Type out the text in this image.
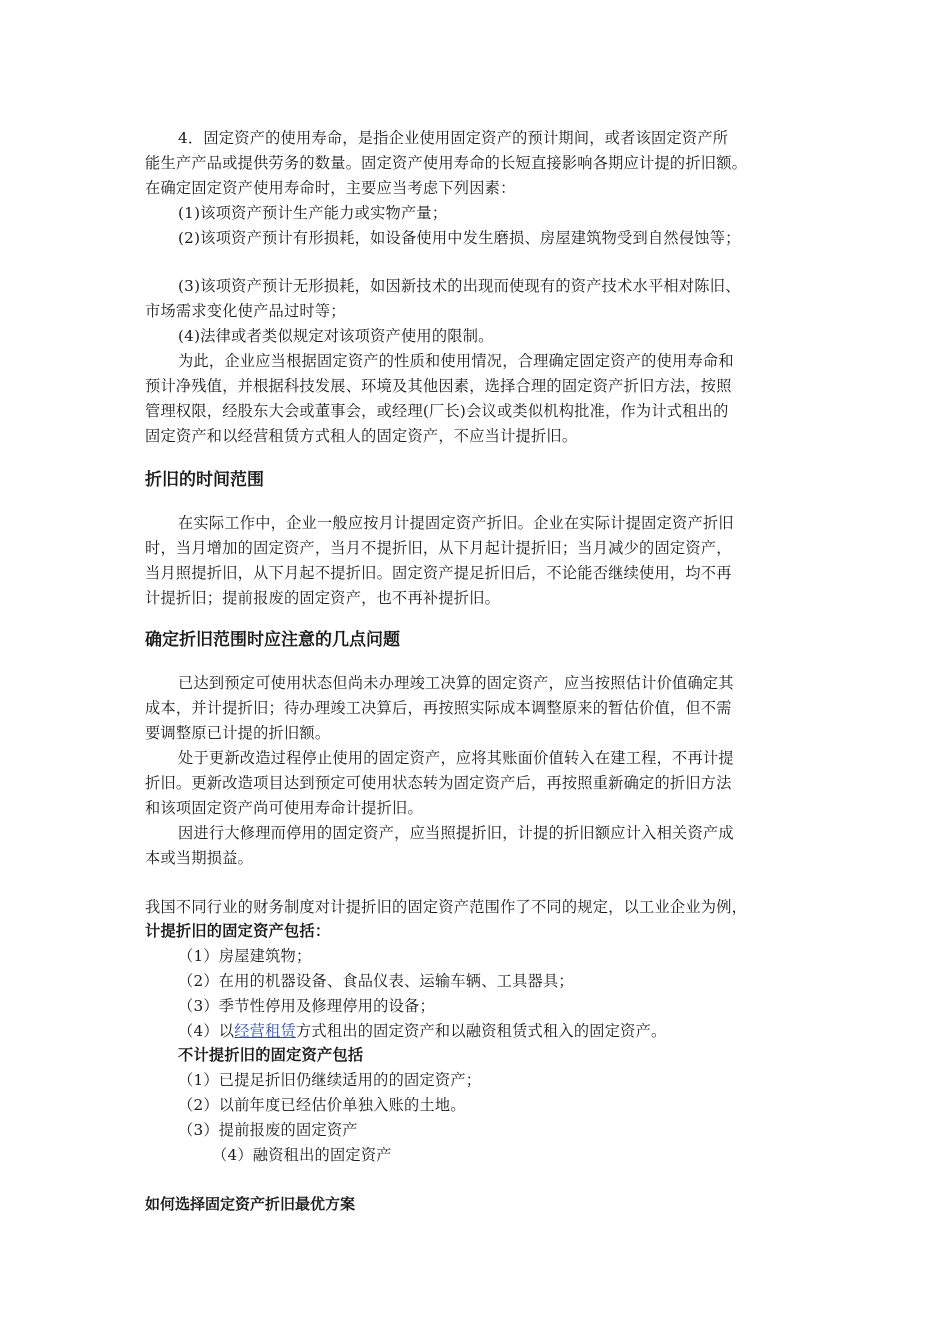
4．固定资产的使用寿命，是指企业使用固定资产的预计期间，或者该固定资产所
能生产产品或提供劳务的数量。固定资产使用寿命的长短直接影响各期应计提的折旧额。
在确定固定资产使用寿命时，主要应当考虑下列因素：
(1)该项资产预计生产能力或实物产量；
(2)该项资产预计有形损耗，如设备使用中发生磨损、房屋建筑物受到自然侵蚀等；
(3)该项资产预计无形损耗，如因新技术的出现而使现有的资产技术水平相对陈旧、
市场需求变化使产品过时等；
(4)法律或者类似规定对该项资产使用的限制。
为此，企业应当根据固定资产的性质和使用情况，合理确定固定资产的使用寿命和
预计净残值，并根据科技发展、环境及其他因素，选择合理的固定资产折旧方法，按照
管理权限，经股东大会或董事会，或经理(厂长)会议或类似机构批准，作为计式租出的
固定资产和以经营租赁方式租人的固定资产，不应当计提折旧。
折旧的时间范围
在实际工作中，企业一般应按月计提固定资产折旧。企业在实际计提固定资产折旧
时，当月增加的固定资产，当月不提折旧，从下月起计提折旧；当月减少的固定资产，
当月照提折旧，从下月起不提折旧。固定资产提足折旧后，不论能否继续使用，均不再
计提折旧；提前报废的固定资产，也不再补提折旧。
确定折旧范围时应注意的几点问题
已达到预定可使用状态但尚未办理竣工决算的固定资产，应当按照估计价值确定其
成本，并计提折旧；待办理竣工决算后，再按照实际成本调整原来的暂估价值，但不需
要调整原已计提的折旧额。
处于更新改造过程停止使用的固定资产，应将其账面价值转入在建工程，不再计提
折旧。更新改造项目达到预定可使用状态转为固定资产后，再按照重新确定的折旧方法
和该项固定资产尚可使用寿命计提折旧。
因进行大修理而停用的固定资产，应当照提折旧，计提的折旧额应计入相关资产成
本或当期损益。
我国不同行业的财务制度对计提折旧的固定资产范围作了不同的规定，以工业企业为例，
计提折旧的固定资产包括：
（1）房屋建筑物；
（2）在用的机器设备、食品仪表、运输车辆、工具器具；
（3）季节性停用及修理停用的设备；
（4）以经营租赁方式租出的固定资产和以融资租赁式租入的固定资产。
不计提折旧的固定资产包括
（1）已提足折旧仍继续适用的的固定资产；
（2）以前年度已经估价单独入账的土地。
（3）提前报废的固定资产
（4）融资租出的固定资产
如何选择固定资产折旧最优方案
